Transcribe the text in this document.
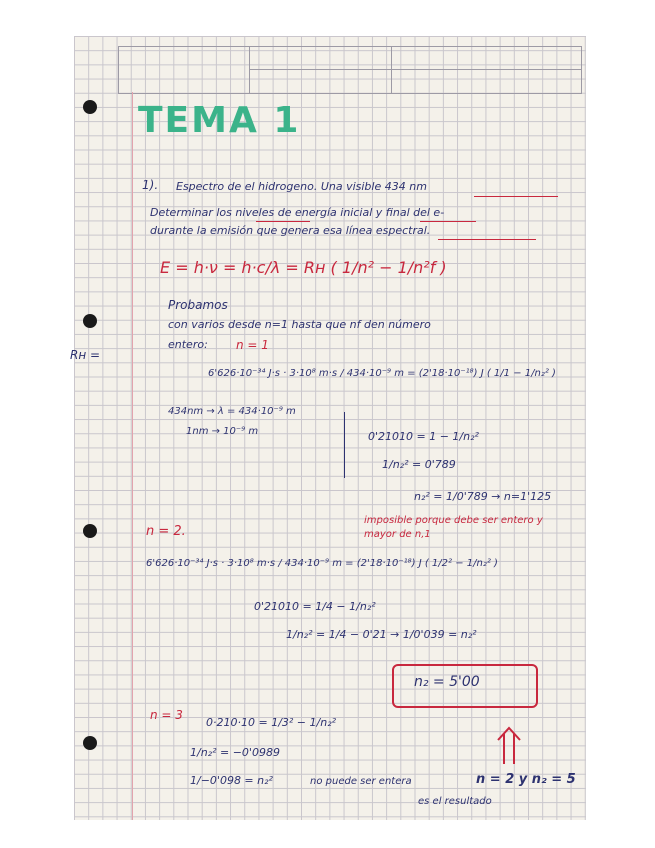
TEMA 1
1). Espectro de el hidrogeno. Una visible 434 nm
Determinar los niveles de energía inicial y final del e-
durante la emisión que genera esa línea espectral.
E = h·ν = h·c/λ = Rн ( 1/n² − 1/n²f )
Rн =
Probamos
con varios desde n=1 hasta que nf den número
entero: n = 1
6'626·10⁻³⁴ J·s · 3·10⁸ m·s / 434·10⁻⁹ m = (2'18·10⁻¹⁸) J ( 1/1 − 1/n₂² )
434nm → λ = 434·10⁻⁹ m
1nm → 10⁻⁹ m	0'21010 = 1 − 1/n₂²
1/n₂² = 0'789
n₂² = 1/0'789 → n=1'125
imposible porque debe ser entero y mayor de n,1
n = 2.
6'626·10⁻³⁴ J·s · 3·10⁸ m·s / 434·10⁻⁹ m = (2'18·10⁻¹⁸) J ( 1/2² − 1/n₂² )
0'21010 = 1/4 − 1/n₂²
1/n₂² = 1/4 − 0'21 → 1/0'039 = n₂²
n₂ = 5'00
n = 3
0·210·10 = 1/3² − 1/n₂²
1/n₂² = −0'0989
1/−0'098 = n₂²	no puede ser entera	n = 2 y n₂ = 5
es el resultado
